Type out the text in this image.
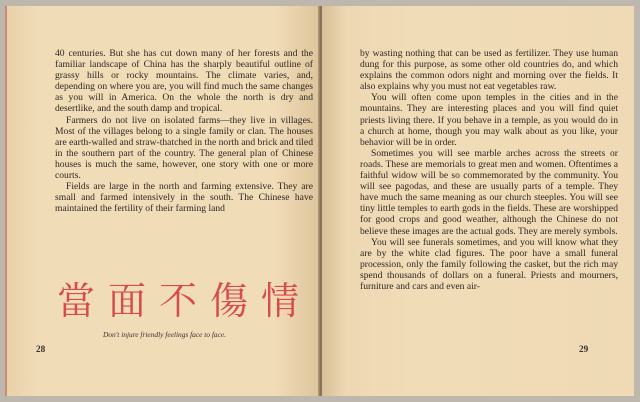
40 centuries. But she has cut down many of her forests and the familiar landscape of China has the sharply beautiful outline of grassy hills or rocky mountains. The climate varies, and, depending on where you are, you will find much the same changes as you will in America. On the whole the north is dry and desertlike, and the south damp and tropical.

Farmers do not live on isolated farms—they live in villages. Most of the villages belong to a single family or clan. The houses are earth-walled and straw-thatched in the north and brick and tiled in the southern part of the country. The general plan of Chinese houses is much the same, however, one story with one or more courts.

Fields are large in the north and farming extensive. They are small and farmed intensively in the south. The Chinese have maintained the fertility of their farming land

當面不傷情
Don't injure friendly feelings face to face.
28

by wasting nothing that can be used as fertilizer. They use human dung for this purpose, as some other old countries do, and which explains the common odors night and morning over the fields. It also explains why you must not eat vegetables raw.

You will often come upon temples in the cities and in the mountains. They are interesting places and you will find quiet priests living there. If you behave in a temple, as you would do in a church at home, though you may walk about as you like, your behavior will be in order.

Sometimes you will see marble arches across the streets or roads. These are memorials to great men and women. Oftentimes a faithful widow will be so commemorated by the community. You will see pagodas, and these are usually parts of a temple. They have much the same meaning as our church steeples. You will see tiny little temples to earth gods in the fields. These are worshipped for good crops and good weather, although the Chinese do not believe these images are the actual gods. They are merely symbols.

You will see funerals sometimes, and you will know what they are by the white clad figures. The poor have a small funeral procession, only the family following the casket, but the rich may spend thousands of dollars on a funeral. Priests and mourners, furniture and cars and even air-

29
